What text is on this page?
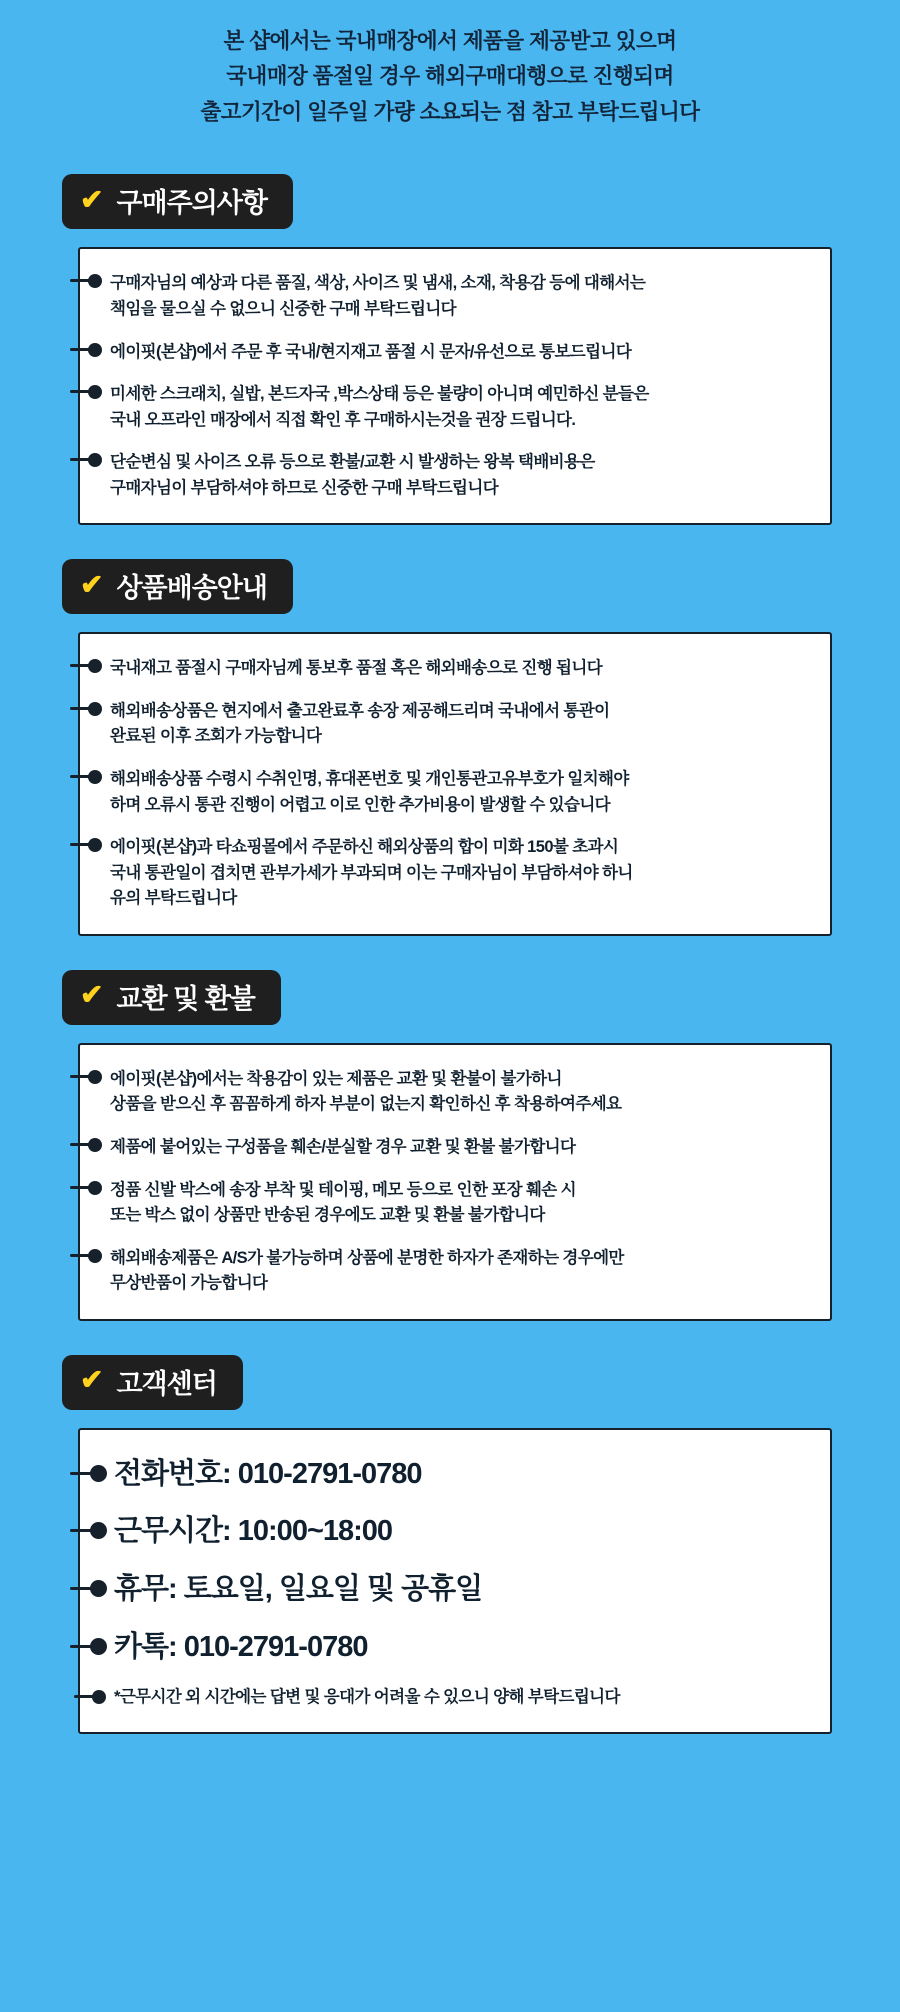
본 샵에서는 국내매장에서 제품을 제공받고 있으며
국내매장 품절일 경우 해외구매대행으로 진행되며
출고기간이 일주일 가량 소요되는 점 참고 부탁드립니다
✔ 구매주의사항
구매자님의 예상과 다른 품질, 색상, 사이즈 및 냄새, 소재, 착용감 등에 대해서는
책임을 물으실 수 없으니 신중한 구매 부탁드립니다
에이핏(본샵)에서 주문 후 국내/현지재고 품절 시 문자/유선으로 통보드립니다
미세한 스크래치, 실밥, 본드자국 ,박스상태 등은 불량이 아니며 예민하신 분들은
국내 오프라인 매장에서 직접 확인 후 구매하시는것을 권장 드립니다.
단순변심 및 사이즈 오류 등으로 환불/교환 시 발생하는 왕복 택배비용은
구매자님이 부담하셔야 하므로 신중한 구매 부탁드립니다
✔ 상품배송안내
국내재고 품절시 구매자님께 통보후 품절 혹은 해외배송으로 진행 됩니다
해외배송상품은 현지에서 출고완료후 송장 제공해드리며 국내에서 통관이
완료된 이후 조회가 가능합니다
해외배송상품 수령시 수취인명, 휴대폰번호 및 개인통관고유부호가 일치해야
하며 오류시 통관 진행이 어렵고 이로 인한 추가비용이 발생할 수 있습니다
에이핏(본샵)과 타쇼핑몰에서 주문하신 해외상품의 합이 미화 150불 초과시
국내 통관일이 겹치면 관부가세가 부과되며 이는 구매자님이 부담하셔야 하니
유의 부탁드립니다
✔ 교환 및 환불
에이핏(본샵)에서는 착용감이 있는 제품은 교환 및 환불이 불가하니
상품을 받으신 후 꼼꼼하게 하자 부분이 없는지 확인하신 후 착용하여주세요
제품에 붙어있는 구성품을 훼손/분실할 경우 교환 및 환불 불가합니다
정품 신발 박스에 송장 부착 및 테이핑, 메모 등으로 인한 포장 훼손 시
또는 박스 없이 상품만 반송된 경우에도 교환 및 환불 불가합니다
해외배송제품은 A/S가 불가능하며 상품에 분명한 하자가 존재하는 경우에만
무상반품이 가능합니다
✔ 고객센터
전화번호: 010-2791-0780
근무시간: 10:00~18:00
휴무: 토요일, 일요일 및 공휴일
카톡: 010-2791-0780
*근무시간 외 시간에는 답변 및 응대가 어려울 수 있으니 양해 부탁드립니다
